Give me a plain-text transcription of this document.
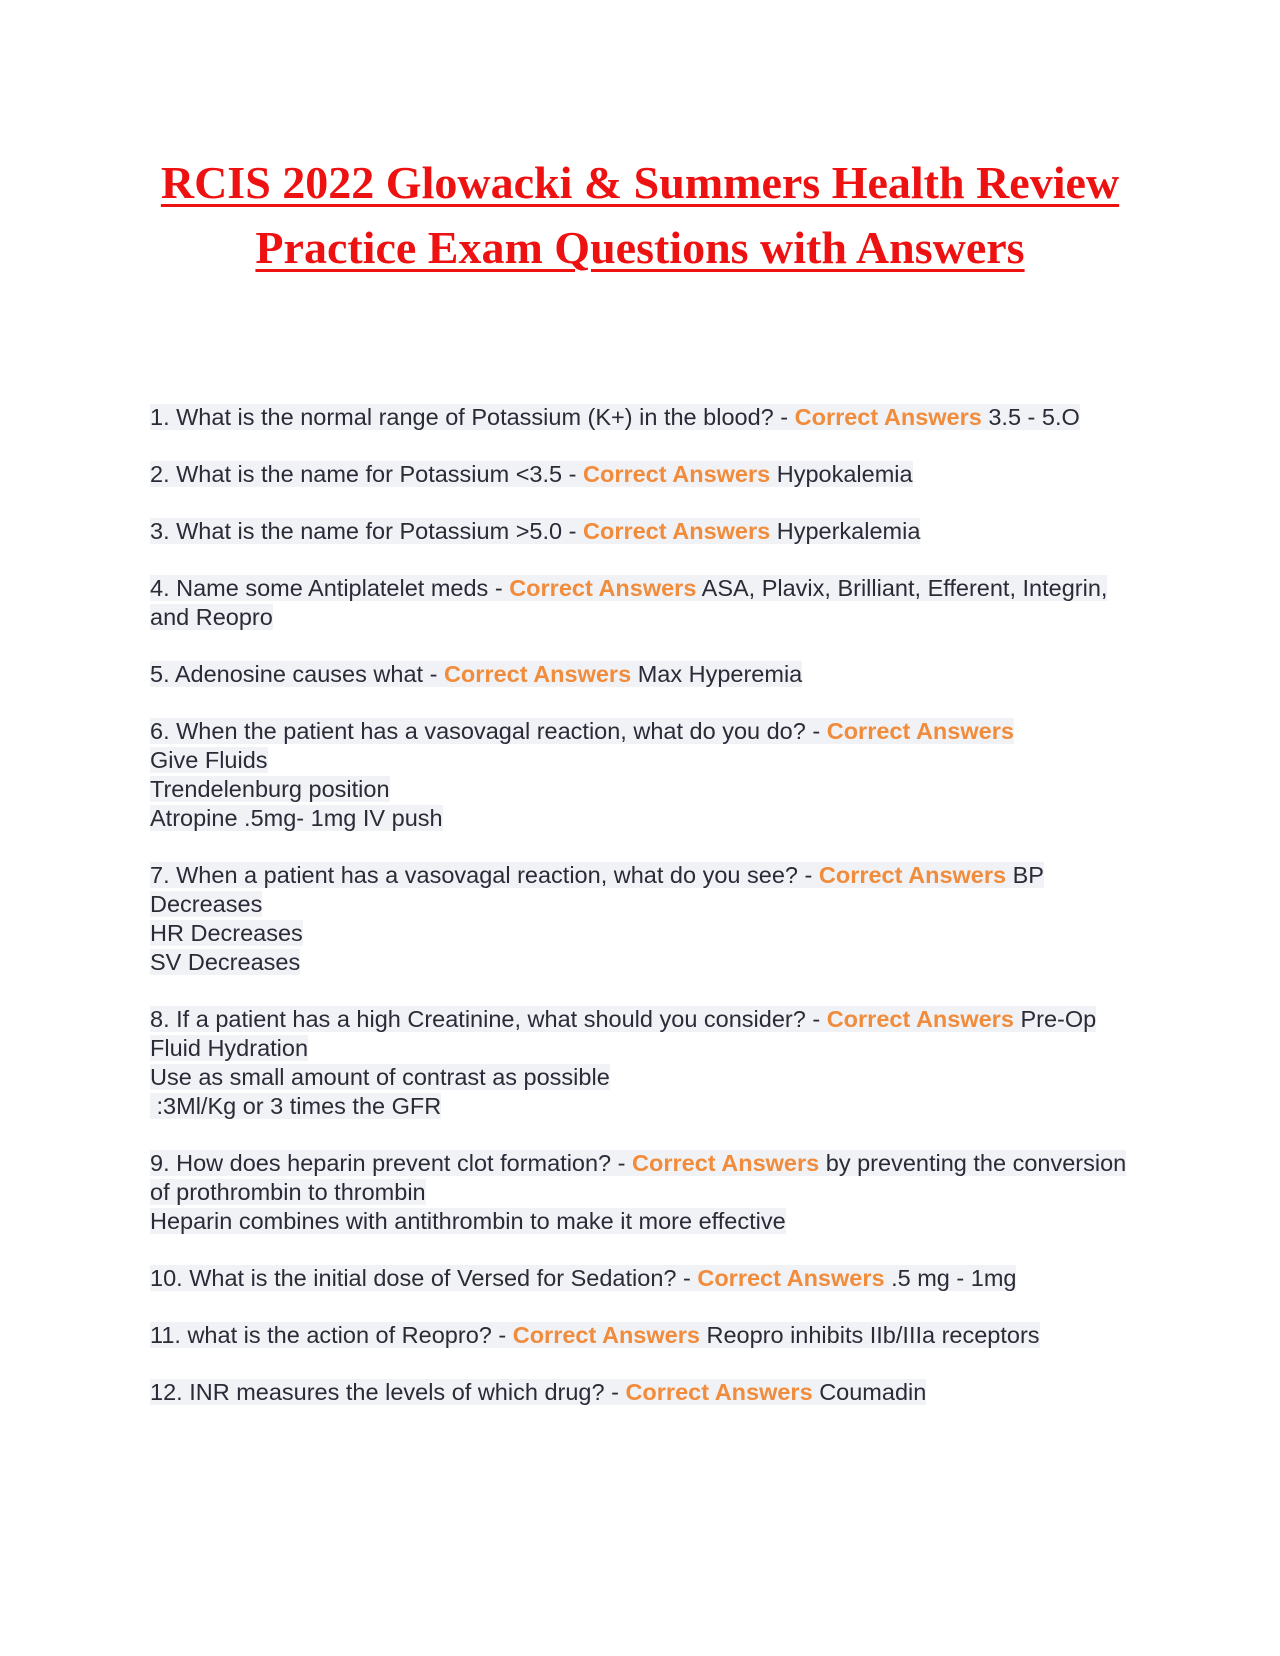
RCIS 2022 Glowacki & Summers Health Review Practice Exam Questions with Answers
1. What is the normal range of Potassium (K+) in the blood? - Correct Answers 3.5 - 5.O
2. What is the name for Potassium <3.5 - Correct Answers Hypokalemia
3. What is the name for Potassium >5.0 - Correct Answers Hyperkalemia
4. Name some Antiplatelet meds - Correct Answers ASA, Plavix, Brilliant, Efferent, Integrin, and Reopro
5. Adenosine causes what - Correct Answers Max Hyperemia
6. When the patient has a vasovagal reaction, what do you do? - Correct Answers
Give Fluids
Trendelenburg position
Atropine .5mg- 1mg IV push
7. When a patient has a vasovagal reaction, what do you see? - Correct Answers BP Decreases
HR Decreases
SV Decreases
8. If a patient has a high Creatinine, what should you consider? - Correct Answers Pre-Op Fluid Hydration
Use as small amount of contrast as possible
:3Ml/Kg or 3 times the GFR
9. How does heparin prevent clot formation? - Correct Answers by preventing the conversion of prothrombin to thrombin
Heparin combines with antithrombin to make it more effective
10. What is the initial dose of Versed for Sedation? - Correct Answers .5 mg - 1mg
11. what is the action of Reopro? - Correct Answers Reopro inhibits IIb/IIIa receptors
12. INR measures the levels of which drug? - Correct Answers Coumadin
